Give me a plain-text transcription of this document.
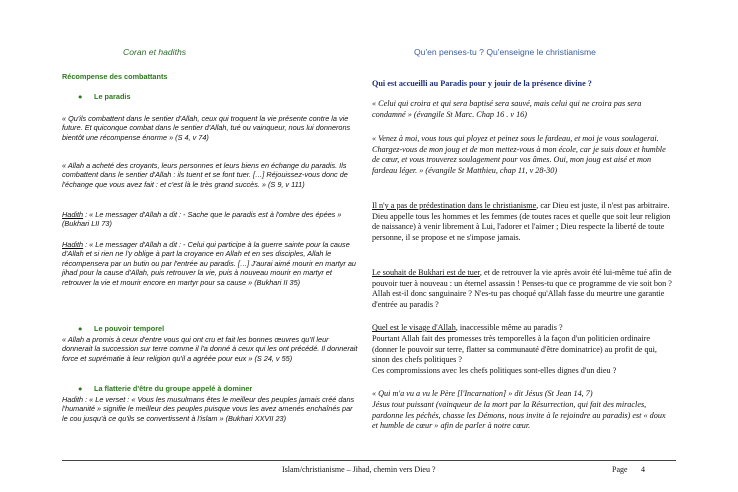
Coran et hadiths	Qu'en penses-tu ? Qu'enseigne le christianisme
Récompense des combattants
● Le paradis

« Qu'ils combattent dans le sentier d'Allah, ceux qui troquent la vie présente contre la vie future. Et quiconque combat dans le sentier d'Allah, tué ou vainqueur, nous lui donnerons bientôt une récompense énorme » (S 4, v 74)

« Allah a acheté des croyants, leurs personnes et leurs biens en échange du paradis. Ils combattent dans le sentier d'Allah : ils tuent et se font tuer. […] Réjouissez-vous donc de l'échange que vous avez fait : et c'est là le très grand succès. » (S 9, v 111)

Hadith : « Le messager d'Allah a dit : - Sache que le paradis est à l'ombre des épées » (Bukhari LII 73)

Hadith : « Le messager d'Allah a dit : - Celui qui participe à la guerre sainte pour la cause d'Allah et si rien ne l'y oblige à part la croyance en Allah et en ses disciples, Allah le récompensera par un butin ou par l'entrée au paradis. […] J'aurai aimé mourir en martyr au jihad pour la cause d'Allah, puis retrouver la vie, puis à nouveau mourir en martyr et retrouver la vie et mourir encore en martyr pour sa cause » (Bukhari II 35)

● Le pouvoir temporel

« Allah a promis à ceux d'entre vous qui ont cru et fait les bonnes œuvres qu'Il leur donnerait la succession sur terre comme il l'a donné à ceux qui les ont précédé. Il donnerait force et suprématie à leur religion qu'il a agréée pour eux » (S 24, v 55)

● La flatterie d'être du groupe appelé à dominer

Hadith : « Le verset : « Vous les musulmans êtes le meilleur des peuples jamais créé dans l'humanité » signifie le meilleur des peuples puisque vous les avez amenés enchaînés par le cou jusqu'à ce qu'ils se convertissent à l'islam » (Bukhari XXVII 23)

Qui est accueilli au Paradis pour y jouir de la présence divine ?

« Celui qui croira et qui sera baptisé sera sauvé, mais celui qui ne croira pas sera condamné » (évangile St Marc. Chap 16 . v 16)

« Venez à moi, vous tous qui ployez et peinez sous le fardeau, et moi je vous soulagerai. Chargez-vous de mon joug et de mon mettez-vous à mon école, car je suis doux et humble de cœur, et vous trouverez soulagement pour vos âmes. Oui, mon joug est aisé et mon fardeau léger. » (évangile St Matthieu, chap 11, v 28-30)

Il n'y a pas de prédestination dans le christianisme, car Dieu est juste, il n'est pas arbitraire. Dieu appelle tous les hommes et les femmes (de toutes races et quelle que soit leur religion de naissance) à venir librement à Lui, l'adorer et l'aimer ; Dieu respecte la liberté de toute personne, il se propose et ne s'impose jamais.

Le souhait de Bukhari est de tuer, et de retrouver la vie après avoir été lui-même tué afin de pouvoir tuer à nouveau : un éternel assassin ! Penses-tu que ce programme de vie soit bon ? Allah est-il donc sanguinaire ? N'es-tu pas choqué qu'Allah fasse du meurtre une garantie d'entrée au paradis ?

Quel est le visage d'Allah, inaccessible même au paradis ?

Pourtant Allah fait des promesses très temporelles à la façon d'un politicien ordinaire (donner le pouvoir sur terre, flatter sa communauté d'être dominatrice) au profit de qui, sinon des chefs politiques ?

Ces compromissions avec les chefs politiques sont-elles dignes d'un dieu ?

« Qui m'a vu a vu le Père [l'Incarnation] » dit Jésus (St Jean 14, 7)

Jésus tout puissant (vainqueur de la mort par la Résurrection, qui fait des miracles, pardonne les péchés, chasse les Démons, nous invite à le rejoindre au paradis) est « doux et humble de cœur » afin de parler à notre cœur.

Islam/christianisme – Jihad, chemin vers Dieu ?	Page 4
